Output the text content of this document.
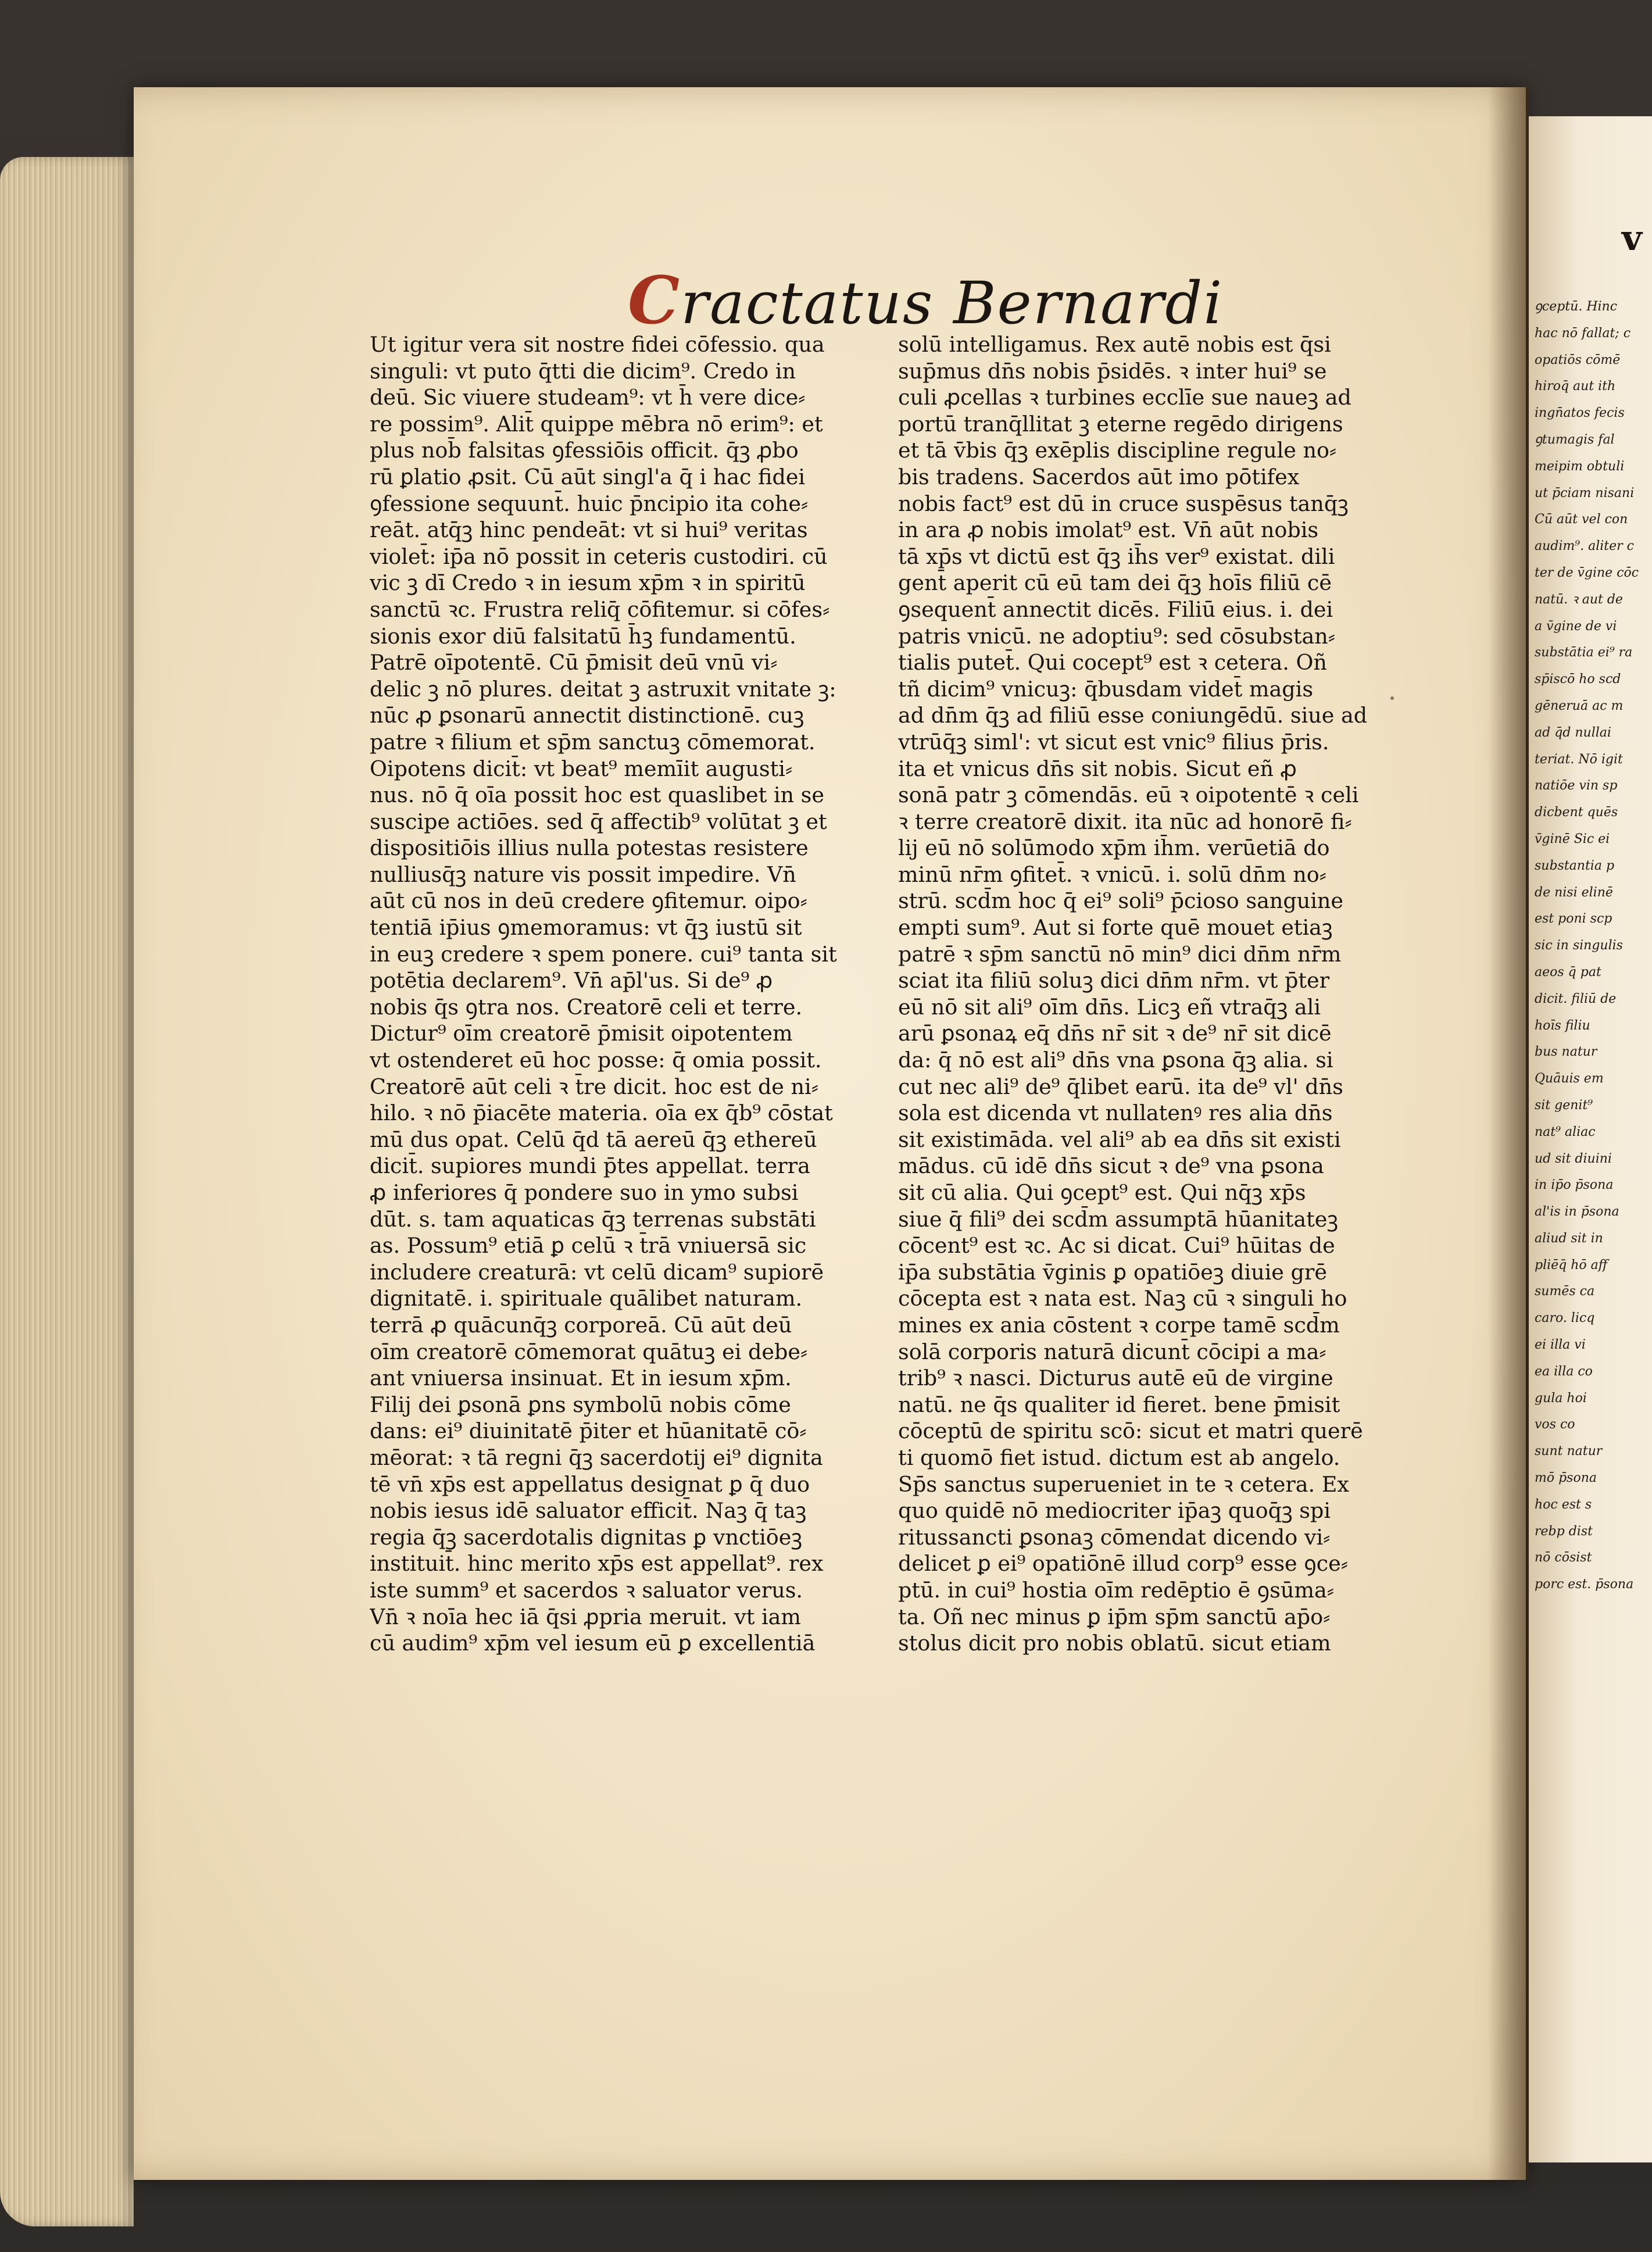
Cractatus Bernardi
Ut igitur vera sit nostre fidei cōfessio. qua
singuli: vt puto q̄tti die dicim⁹. Credo in
deū. Sic viuere studeam⁹: vt h̄ vere dice⸗
re possim⁹. Alit̄ quippe mēbra nō erim⁹: et
plus nob̄ falsitas ꝯfessiōis officit. q̄ꝫ ꝓbo
rū ꝑlatio ꝓsit. Cū aūt singl'a q̄ i hac fidei
ꝯfessione sequunt̄. huic p̄ncipio ita cohe⸗
reāt. atq̄ꝫ hinc pendeāt: vt si hui⁹ veritas
violet̄: ip̄a nō possit in ceteris custodiri. cū
vic ꝫ dī Credo ꝛ in iesum xp̄m ꝛ in spiritū
sanctū ꝛc. Frustra reliq̄ cōfitemur. si cōfes⸗
sionis exor diū falsitatū h̄ꝫ fundamentū.
Patrē oīpotentē. Cū p̄misit deū vnū vi⸗
delic ꝫ nō plures. deitat ꝫ astruxit vnitate ꝫ:
nūc ꝓ ꝑsonarū annectit distinctionē. cuꝫ
patre ꝛ filium et sp̄m sanctuꝫ cōmemorat.
Oipotens dicit̄: vt beat⁹ memīit augusti⸗
nus. nō q̄ oīa possit hoc est quaslibet in se
suscipe actiōes. sed q̄ affectib⁹ volūtat ꝫ et
dispositiōis illius nulla potestas resistere
nulliusq̄ꝫ nature vis possit impedire. Vn̄
aūt cū nos in deū credere ꝯfitemur. oipo⸗
tentiā ip̄ius ꝯmemoramus: vt q̄ꝫ iustū sit
in euꝫ credere ꝛ spem ponere. cui⁹ tanta sit
potētia declarem⁹. Vn̄ ap̄l'us. Si de⁹ ꝓ
nobis q̄s ꝯtra nos. Creatorē celi et terre.
Dictur⁹ oīm creatorē p̄misit oipotentem
vt ostenderet eū hoc posse: q̄ omia possit.
Creatorē aūt celi ꝛ t̄re dicit. hoc est de ni⸗
hilo. ꝛ nō p̄iacēte materia. oīa ex q̄b⁹ cōstat
mū dus opat. Celū q̄d tā aereū q̄ꝫ ethereū
dicit̄. supiores mundi p̄tes appellat. terra
ꝓ inferiores q̄ pondere suo in ymo subsi
dūt. s. tam aquaticas q̄ꝫ terrenas substāti
as. Possum⁹ etiā ꝑ celū ꝛ t̄rā vniuersā sic
includere creaturā: vt celū dicam⁹ supiorē
dignitatē. i. spirituale quālibet naturam.
terrā ꝓ quācunq̄ꝫ corporeā. Cū aūt deū
oīm creatorē cōmemorat quātuꝫ ei debe⸗
ant vniuersa insinuat. Et in iesum xp̄m.
Filij dei ꝑsonā ꝑns symbolū nobis cōme
dans: ei⁹ diuinitatē p̄iter et hūanitatē cō⸗
mēorat: ꝛ tā regni q̄ꝫ sacerdotij ei⁹ dignita
tē vn̄ xp̄s est appellatus designat ꝑ q̄ duo
nobis iesus idē saluator efficit̄. Naꝫ q̄ taꝫ
regia q̄ꝫ sacerdotalis dignitas ꝑ vnctiōeꝫ
instituit̄. hinc merito xp̄s est appellat⁹. rex
iste summ⁹ et sacerdos ꝛ saluator verus.
Vn̄ ꝛ noīa hec iā q̄si ꝓpria meruit. vt iam
cū audim⁹ xp̄m vel iesum eū ꝑ excellentiā
solū intelligamus. Rex autē nobis est q̄si
sup̄mus dn̄s nobis p̄sidēs. ꝛ inter hui⁹ se
culi ꝓcellas ꝛ turbines ecclīe sue naueꝫ ad
portū tranq̄llitat ꝫ eterne regēdo dirigens
et tā v̄bis q̄ꝫ exēplis discipline regule no⸗
bis tradens. Sacerdos aūt imo pōtifex
nobis fact⁹ est dū in cruce suspēsus tanq̄ꝫ
in ara ꝓ nobis imolat⁹ est. Vn̄ aūt nobis
tā xp̄s vt dictū est q̄ꝫ ih̄s ver⁹ existat. dili
gent̄ aperit cū eū tam dei q̄ꝫ hoīs filiū cē
ꝯsequent̄ annectit dicēs. Filiū eius. i. dei
patris vnicū. ne adoptiu⁹: sed cōsubstan⸗
tialis putet̄. Qui cocept⁹ est ꝛ cetera. Oñ
tñ dicim⁹ vnicuꝫ: q̄busdam videt̄ magis
ad dn̄m q̄ꝫ ad filiū esse coniungēdū. siue ad
vtrūq̄ꝫ siml': vt sicut est vnic⁹ filius p̄ris.
ita et vnicus dn̄s sit nobis. Sicut eñ ꝓ
sonā patr ꝫ cōmendās. eū ꝛ oipotentē ꝛ celi
ꝛ terre creatorē dixit. ita nūc ad honorē fi⸗
lij eū nō solūmodo xp̄m ih̄m. verūetiā do
minū nr̄m ꝯfitet̄. ꝛ vnicū. i. solū dn̄m no⸗
strū. scd̄m hoc q̄ ei⁹ soli⁹ p̄cioso sanguine
empti sum⁹. Aut si forte quē mouet etiaꝫ
patrē ꝛ sp̄m sanctū nō min⁹ dici dn̄m nr̄m
sciat ita filiū soluꝫ dici dn̄m nr̄m. vt p̄ter
eū nō sit ali⁹ oīm dn̄s. Licꝫ eñ vtraq̄ꝫ ali
arū ꝑsonaꝝ eq̄ dn̄s nr̄ sit ꝛ de⁹ nr̄ sit dicē
da: q̄ nō est ali⁹ dn̄s vna ꝑsona q̄ꝫ alia. si
cut nec ali⁹ de⁹ q̄libet earū. ita de⁹ vl' dn̄s
sola est dicenda vt nullatenꝰ res alia dn̄s
sit existimāda. vel ali⁹ ab ea dn̄s sit existi
mādus. cū idē dn̄s sicut ꝛ de⁹ vna ꝑsona
sit cū alia. Qui ꝯcept⁹ est. Qui nq̄ꝫ xp̄s
siue q̄ fili⁹ dei scd̄m assumptā hūanitateꝫ
cōcent⁹ est ꝛc. Ac si dicat. Cui⁹ hūitas de
ip̄a substātia v̄ginis ꝑ opatiōeꝫ diuie grē
cōcepta est ꝛ nata est. Naꝫ cū ꝛ singuli ho
mines ex ania cōstent ꝛ corpe tamē scd̄m
solā corporis naturā dicunt̄ cōcipi a ma⸗
trib⁹ ꝛ nasci. Dicturus autē eū de virgine
natū. ne q̄s qualiter id fieret. bene p̄misit
cōceptū de spiritu scō: sicut et matri querē
ti quomō fiet istud. dictum est ab angelo.
Sp̄s sanctus superueniet in te ꝛ cetera. Ex
quo quidē nō mediocriter ip̄aꝫ quoq̄ꝫ spi
ritussancti ꝑsonaꝫ cōmendat dicendo vi⸗
delicet ꝑ ei⁹ opatiōnē illud corp⁹ esse ꝯce⸗
ptū. in cui⁹ hostia oīm redēptio ē ꝯsūma⸗
ta. Oñ nec minus ꝑ ip̄m sp̄m sanctū ap̄o⸗
stolus dicit pro nobis oblatū. sicut etiam
v
ꝯceptū. Hinc
hac nō fallat; c
opatiōs cōmē
hiroq̄ aut ith
ingn̄atos fecis
ꝯtumagis fal
meipim obtuli
ut p̄ciam nisani
Cū aūt vel con
audim⁹. aliter c
ter de v̄gine cōc
natū. ꝛ aut de
a v̄gine de vi
substātia ei⁹ ra
sp̄iscō ho scd
gēneruā ac m
ad q̄d nullai
teriat. Nō igit
natiōe vin sp
dicbent quēs
v̄ginē Sic ei
substantia p
de nisi elinē
est poni scp
sic in singulis
aeos q̄ pat
dicit. filiū de
hoīs filiu
bus natur
Quāuis em
sit genit⁹
nat⁹ aliac
ud sit diuini
in ip̄o p̄sona
al'is in p̄sona
aliud sit in
pliēq̄ hō aff
sumēs ca
caro. licq
ei illa vi
ea illa co
gula hoi
vos co
sunt natur
mō p̄sona
hoc est s
rebp dist
nō cōsist
porc est. p̄sona
